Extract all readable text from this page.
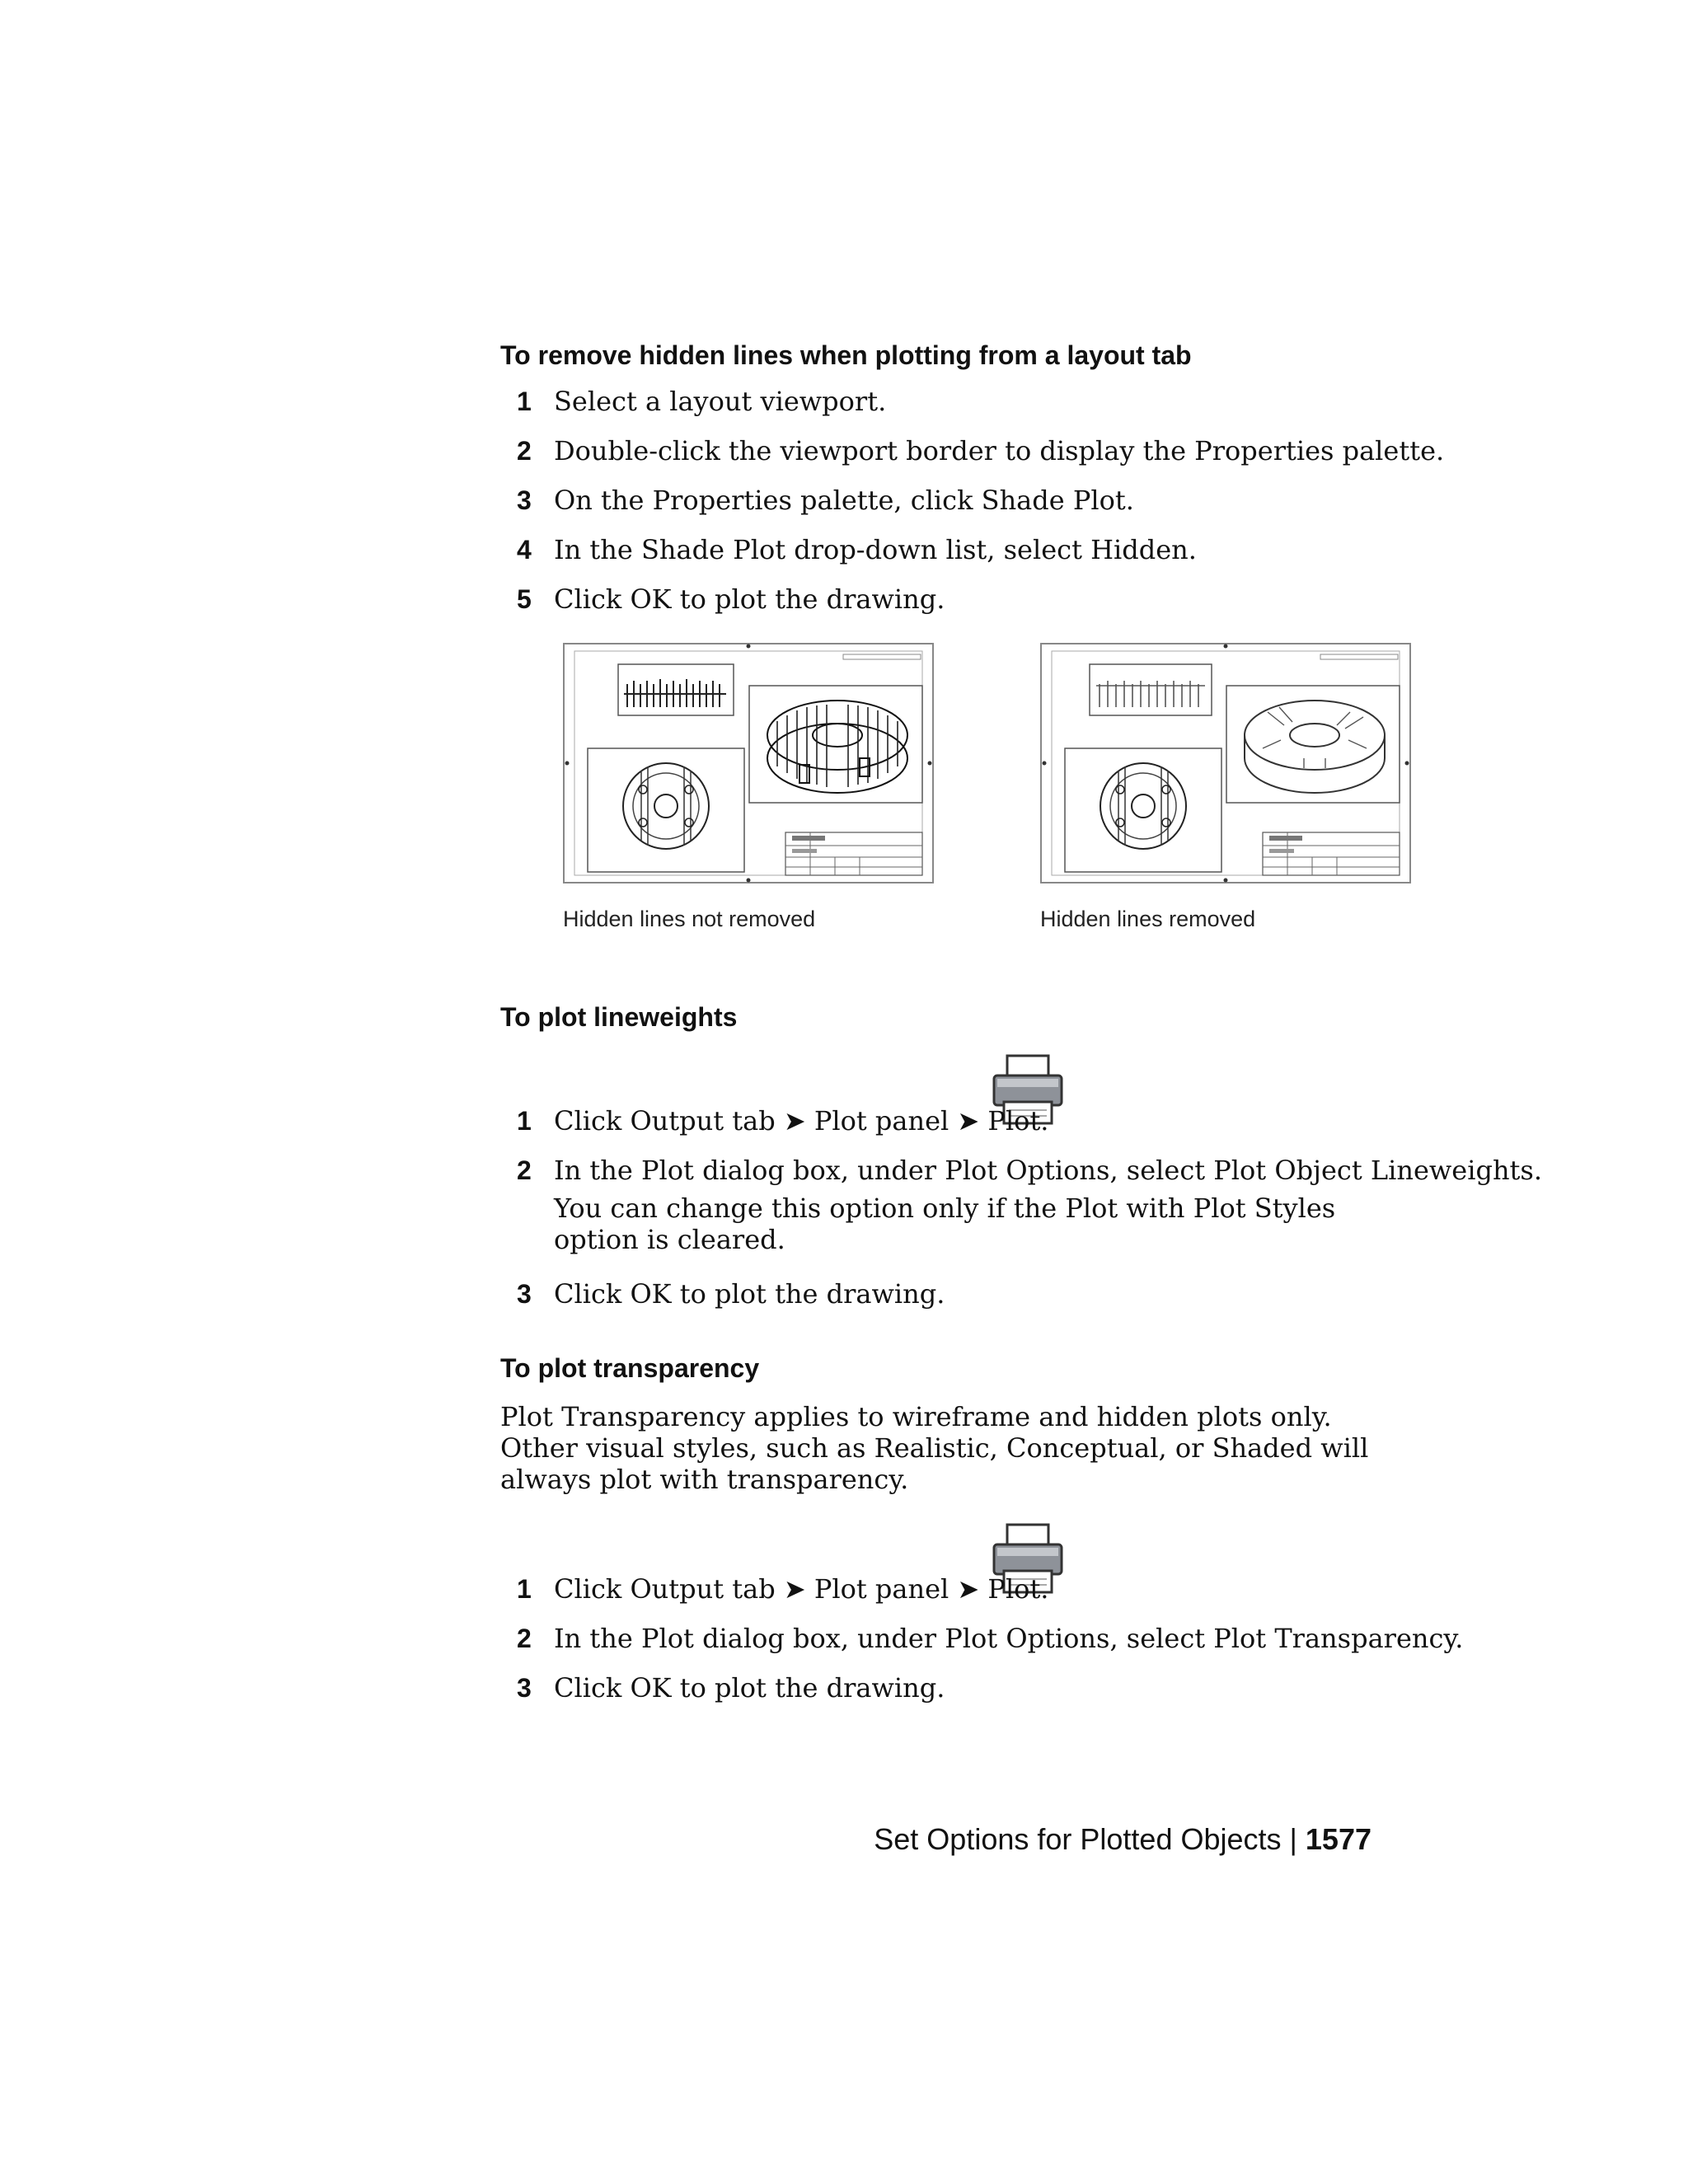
To remove hidden lines when plotting from a layout tab
1 Select a layout viewport.
2 Double-click the viewport border to display the Properties palette.
3 On the Properties palette, click Shade Plot.
4 In the Shade Plot drop-down list, select Hidden.
5 Click OK to plot the drawing.
Hidden lines not removed	Hidden lines removed
To plot lineweights
1 Click Output tab ➤ Plot panel ➤ Plot.
2 In the Plot dialog box, under Plot Options, select Plot Object Lineweights.
You can change this option only if the Plot with Plot Styles option is cleared.
3 Click OK to plot the drawing.
To plot transparency
Plot Transparency applies to wireframe and hidden plots only. Other visual styles, such as Realistic, Conceptual, or Shaded will always plot with transparency.
1 Click Output tab ➤ Plot panel ➤ Plot.
2 In the Plot dialog box, under Plot Options, select Plot Transparency.
3 Click OK to plot the drawing.
Set Options for Plotted Objects | 1577
